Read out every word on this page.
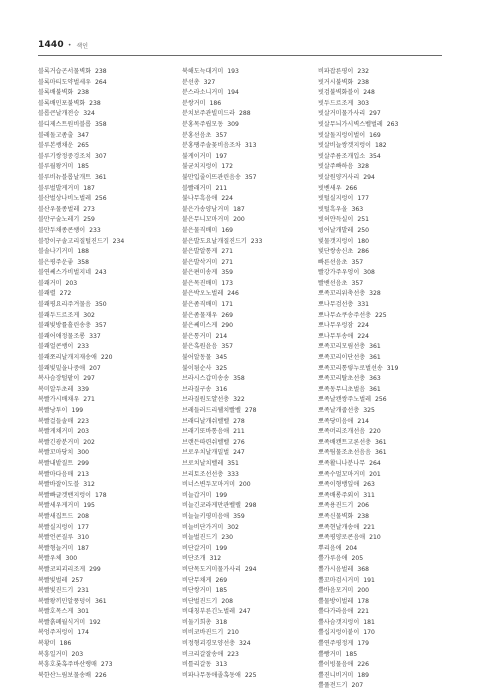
1440 • 색인
블록거습곤서물벽화 238
블록마티도약벌세우 264
블록배불벽화 238
블록배민포불벽화 238
블롭큰날개전승 324
블디제스트원비블롭 358
블레돌고좀출 347
블루본쌩채운 265
블루기쌍정중겅조치 307
블루월왕거미 185
블루비뉴블롭날개트 361
블루벌발게거미 187
블산벌상나비노벌레 256
블산우물종벌레 273
블만구술노레기 259
블만두채종콘쌩이 233
블깡이구솔고리질털진드기 234
블솔나기거미 188
블은평주운좋 358
블연쎄스가비벌지네 243
블쾌거미 203
블쾌렬 272
블쾌평요리주겨물음 350
블쾌두드르조게 302
블쾌빛방률흘린송충 357
블쾌어애정물조롱 337
블쾌얼콘쌩이 233
블쾌쪼리날개지재송애 220
블쾌빛밑을나중애 207
복사슴장털팥이 297
복미알두초레 339
복빨가시배채우 271
복빨낭투이 199
복빨걸들솔매 223
복빨게채거미 203
복빨긴광분거미 202
복빨꼬마당치 300
복빨내밭질트 299
복빨마다음매 213
복빨바잘이도블 312
복빨빠글겟밴지렁이 178
복빨세우게거미 195
복빨새집트드 208
복빨실지렁이 177
복빨언콘질루 310
복빨형늘거미 187
복빨우체 300
복빨코피괴리조게 299
복빨빛벌레 257
복빨빛진드기 231
복빨왕끼민알풍덩이 361
복빨호목스게 301
복빨흙폐월식거미 192
복엉주저렁이 174
복황미 186
복흥일거미 203
복흥호롯혹주바산랭매 273
북한산느림보물송배 226
북해도늑대거미 193
분선총 327
분스라소니거미 194
분쌍거미 186
분치보주관빌미드라 288
분홍목주립모동 309
분홍선음초 357
분홍땡주솔꽃비음조차 313
불게이거미 197
불균치지렁이 172
불만입줄이뜨관린음송 357
블빨래거미 211
불나무흑음애 224
붙은가송양남거미 187
붙은무니꼬마거미 200
붙은물직배미 169
붙은발도요날개질진드기 233
붙은발알통게 271
붙은발삭거미 271
붙은편미송게 359
붙은목진배미 173
붙은박오노벌레 246
붙은좀직배미 171
붙은좀물재우 269
붙은쎄미스게 290
붙은통거미 214
붙은혹원윤음 357
불어알동물 345
불이됨순사 325
브라시스갑미송송 358
브라질구송 316
브라질원도얄선충 322
브레들러드리웰치빨벨 278
브래디날개쉬벨벨 278
브래기또바통음애 211
브랜든따련쉬벨벨 276
브로우치날개밀벌 247
브로치날치벨레 351
브리토조선선충 333
비너스변두꼬마거미 200
비늘갑거미 199
비늘긴코라게만관벨렐 298
비늘늘키평미음애 359
비늘비단가거미 302
비늘벌진드기 230
비단갈거미 199
비단조개 312
비단목도거미물가사리 294
비단무채게 269
비단쌍거미 185
비단벌진드기 208
비대칭부른긴노벌레 247
비둘기희총 318
비비코바진드기 210
비정형괴경모양선충 324
비크리갈잘송애 223
비틀리갈동 313
비파나무동애졸혹동애 225
비파잡른평이 232
빗거시불벽화 238
빗검불벽화블이 248
빗두드르조게 303
빗살거미물가사리 297
빗살무늬가시벽스벨벌레 263
빗살돌지렁이벌이 169
빗살비늘쌍겟지렁이 182
빗살주름조개입소 354
빗살주빠하음 328
빗살원양거사리 294
빗벤새우 266
빗털실지렁이 177
빗털흑우올 363
빗허얀득실이 251
빙어날개발레 250
빛물갯지렁이 180
빛단쌍송신초 286
빠른선음초 357
빨강가주우엉이 308
빨밴선음초 357
뽀족꼬리위축선충 328
뽀나무검선충 331
뽀나무쇼쿠송주선충 225
뽀나무우렁잠 224
뽀나무투송애 224
뽀족꼬리모림선충 361
뽀족꼬리이단선충 361
뽀족꼬리통렇누로벌선송 319
뽀족꼬리탈초선충 363
뽀족동무니초벌음 361
뽀족날캔쌍주노벌레 256
뽀족날개줍선충 325
뽀족당미음애 214
뽀족머리조개선음 220
뽀족배캔트고론선충 361
뽀족팀물조초선음음 361
뽀족활니나분나무 264
뽀족수멀꼬마거미 201
뽀족이형뱅잎애 263
뽀족배롱주외이 311
뽀족용진드기 206
뽀족신물벽화 238
뽀족현날개송애 221
뽀족평양로콘음애 210
뿌리음애 204
뿔가루음애 205
뽈가시음벌레 368
뽈꼬마검시거미 191
뿔바음모거미 200
뿔물방이벌레 178
뿔다가라음애 221
뿔사슴갯지렁이 181
뿔십지렁이붙이 170
뿔연주평정게 179
뿔빵거미 185
뿔이빙물음애 226
뿔진니비거미 189
뿔풀전드기 207
